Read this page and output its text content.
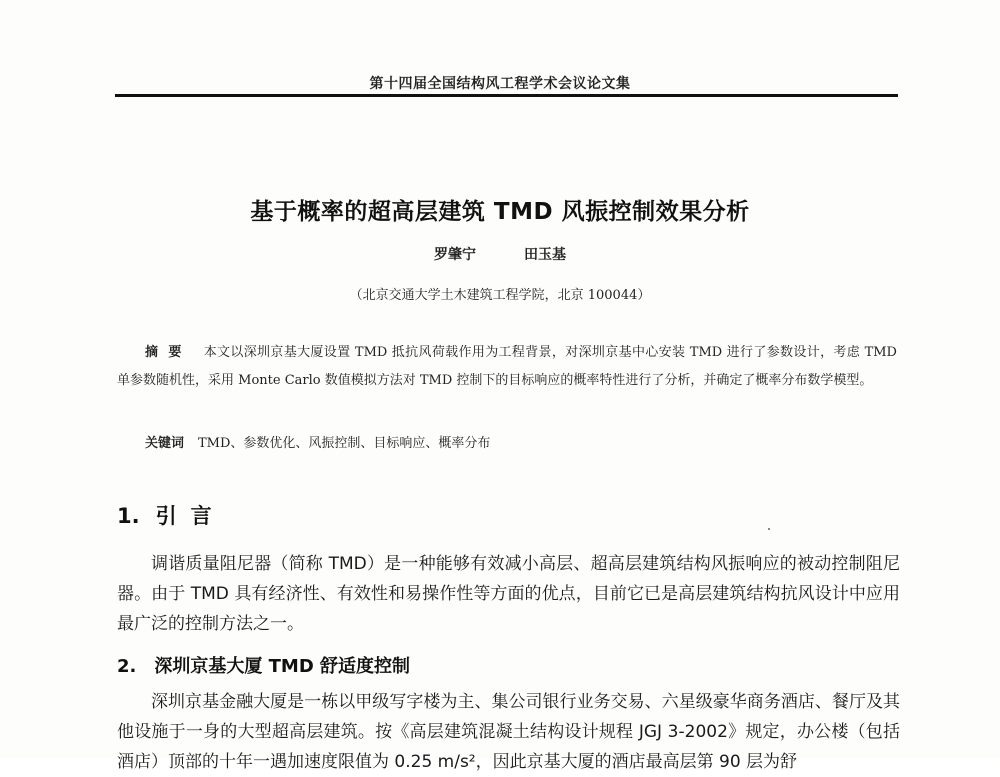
第十四届全国结构风工程学术会议论文集
基于概率的超高层建筑 TMD 风振控制效果分析
罗肇宁	田玉基
（北京交通大学土木建筑工程学院，北京 100044）
摘要 本文以深圳京基大厦设置 TMD 抵抗风荷载作用为工程背景，对深圳京基中心安装 TMD 进行了参数设计，考虑 TMD 单参数随机性，采用 Monte Carlo 数值模拟方法对 TMD 控制下的目标响应的概率特性进行了分析，并确定了概率分布数学模型。
关键词 TMD、参数优化、风振控制、目标响应、概率分布
1. 引言
调谐质量阻尼器（简称 TMD）是一种能够有效减小高层、超高层建筑结构风振响应的被动控制阻尼器。由于 TMD 具有经济性、有效性和易操作性等方面的优点，目前它已是高层建筑结构抗风设计中应用最广泛的控制方法之一。
2. 深圳京基大厦 TMD 舒适度控制
深圳京基金融大厦是一栋以甲级写字楼为主、集公司银行业务交易、六星级豪华商务酒店、餐厅及其他设施于一身的大型超高层建筑。按《高层建筑混凝土结构设计规程 JGJ 3-2002》规定，办公楼（包括酒店）顶部的十年一遇加速度限值为 0.25 m/s²，因此京基大厦的酒店最高层第 90 层为舒
